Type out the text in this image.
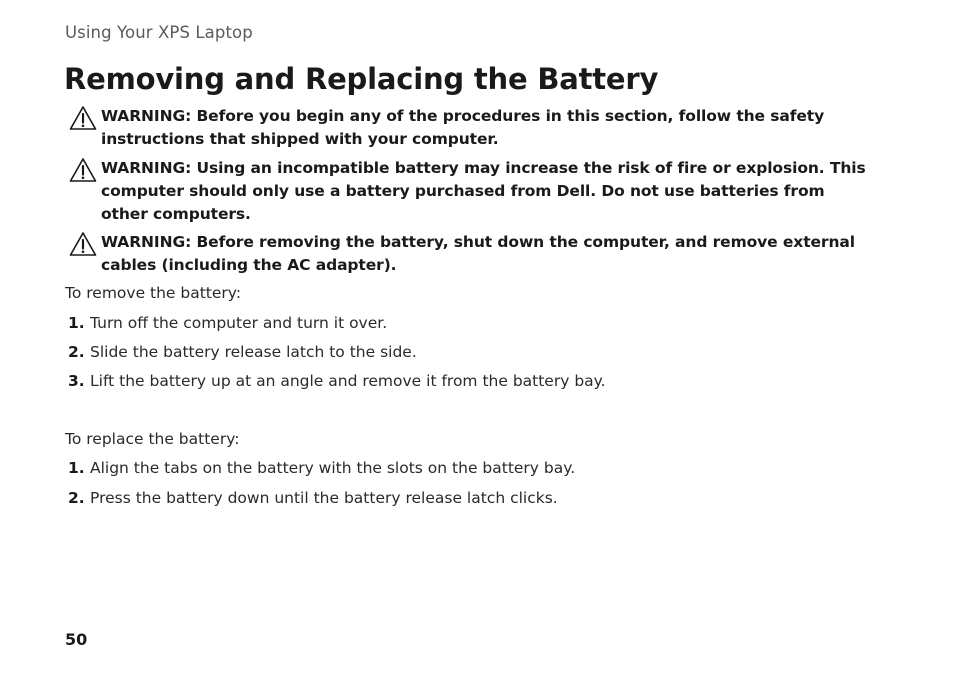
Using Your XPS Laptop
Removing and Replacing the Battery
WARNING: Before you begin any of the procedures in this section, follow the safety instructions that shipped with your computer.
WARNING: Using an incompatible battery may increase the risk of fire or explosion. This computer should only use a battery purchased from Dell. Do not use batteries from other computers.
WARNING: Before removing the battery, shut down the computer, and remove external cables (including the AC adapter).
To remove the battery:
1. Turn off the computer and turn it over.
2. Slide the battery release latch to the side.
3. Lift the battery up at an angle and remove it from the battery bay.
To replace the battery:
1. Align the tabs on the battery with the slots on the battery bay.
2. Press the battery down until the battery release latch clicks.
50
